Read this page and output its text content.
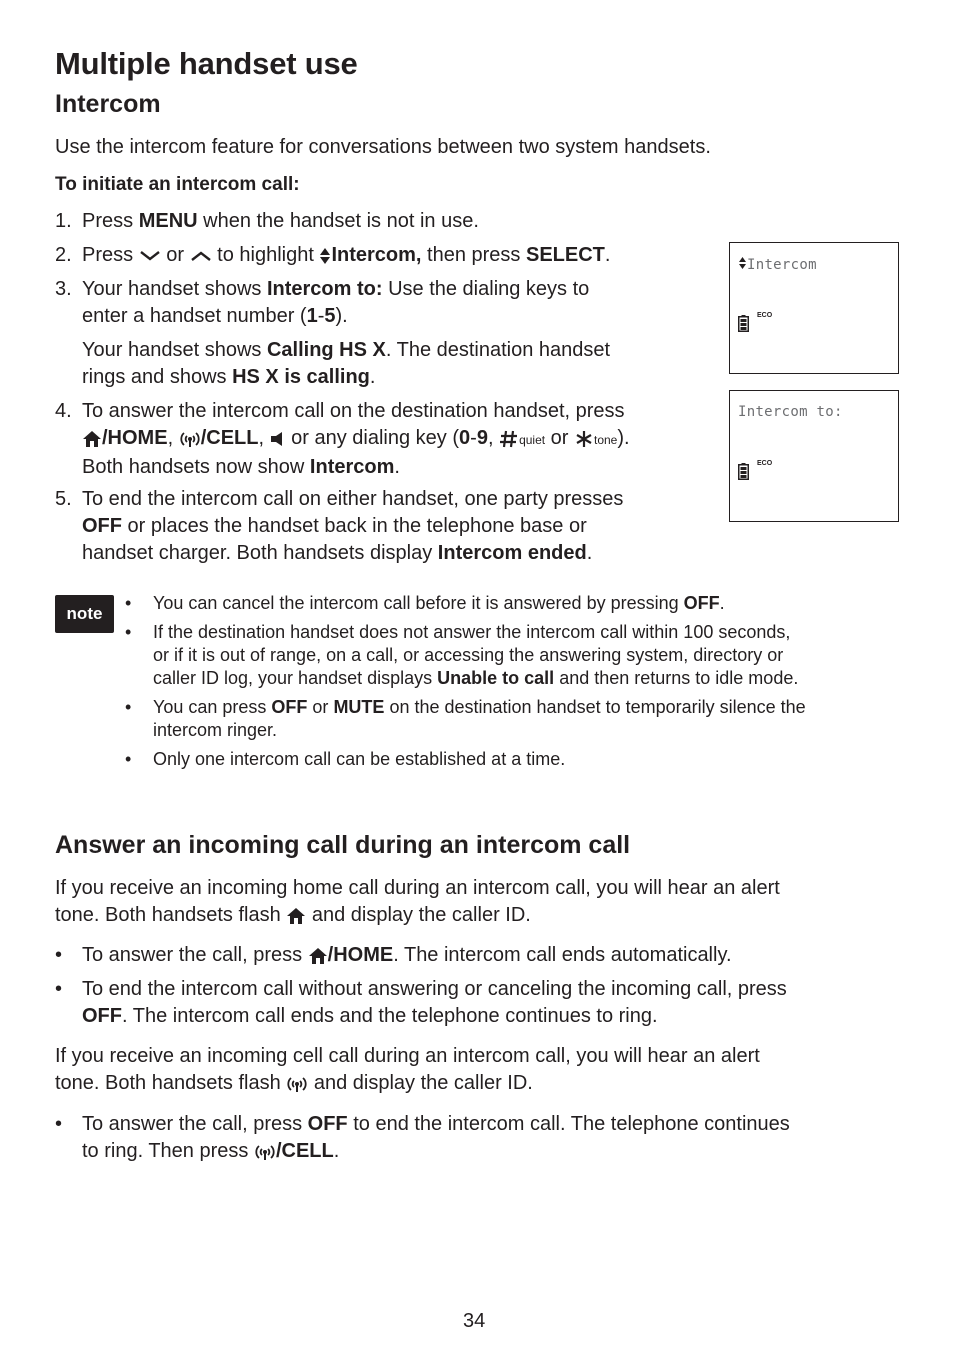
Multiple handset use
Intercom
Use the intercom feature for conversations between two system handsets.
To initiate an intercom call:
1.
2.
3.
4.
5.
Press MENU when the handset is not in use.
Press  or  to highlight Intercom, then press SELECT.
Your handset shows Intercom to: Use the dialing keys to
enter a handset number (1-5).
Your handset shows Calling HS X. The destination handset
rings and shows HS X is calling.
To answer the intercom call on the destination handset, press
/HOME, /CELL,  or any dialing key (0-9, quiet or tone).
Both handsets now show Intercom.
To end the intercom call on either handset, one party presses
OFF or places the handset back in the telephone base or
handset charger. Both handsets display Intercom ended.
Intercom
ECO
Intercom to:
ECO
note
• You can cancel the intercom call before it is answered by pressing OFF.
• If the destination handset does not answer the intercom call within 100 seconds,
or if it is out of range, on a call, or accessing the answering system, directory or
caller ID log, your handset displays Unable to call and then returns to idle mode.
• You can press OFF or MUTE on the destination handset to temporarily silence the
intercom ringer.
• Only one intercom call can be established at a time.
Answer an incoming call during an intercom call
If you receive an incoming home call during an intercom call, you will hear an alert
tone. Both handsets flash  and display the caller ID.
• To answer the call, press /HOME. The intercom call ends automatically.
• To end the intercom call without answering or canceling the incoming call, press
OFF. The intercom call ends and the telephone continues to ring.
If you receive an incoming cell call during an intercom call, you will hear an alert
tone. Both handsets flash  and display the caller ID.
• To answer the call, press OFF to end the intercom call. The telephone continues
to ring. Then press /CELL.
34
